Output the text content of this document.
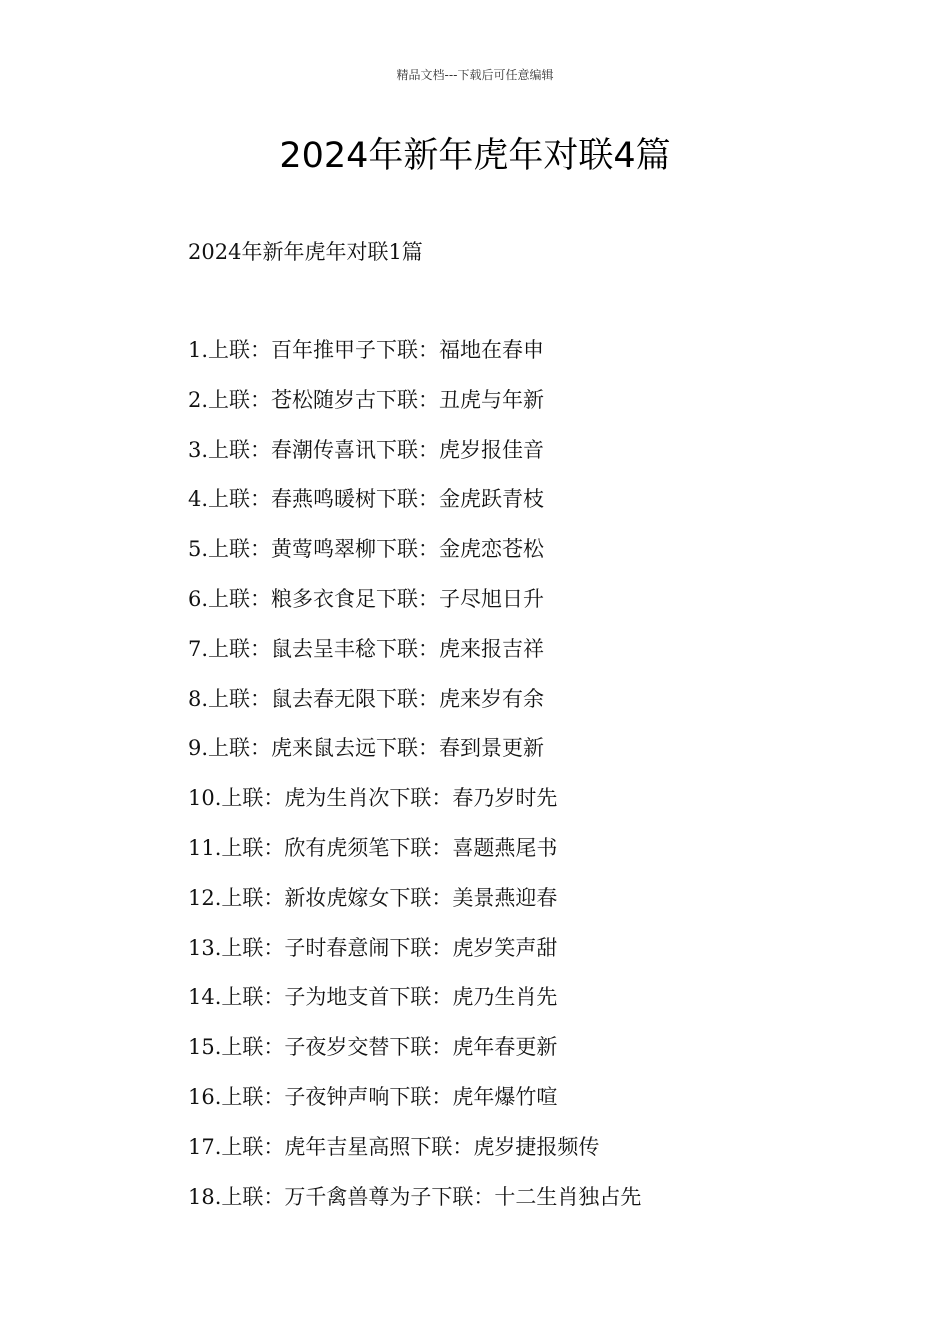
精品文档---下载后可任意编辑
2024年新年虎年对联4篇
2024年新年虎年对联1篇
1.上联：百年推甲子下联：福地在春申
2.上联：苍松随岁古下联：丑虎与年新
3.上联：春潮传喜讯下联：虎岁报佳音
4.上联：春燕鸣暖树下联：金虎跃青枝
5.上联：黄莺鸣翠柳下联：金虎恋苍松
6.上联：粮多衣食足下联：子尽旭日升
7.上联：鼠去呈丰稔下联：虎来报吉祥
8.上联：鼠去春无限下联：虎来岁有余
9.上联：虎来鼠去远下联：春到景更新
10.上联：虎为生肖次下联：春乃岁时先
11.上联：欣有虎须笔下联：喜题燕尾书
12.上联：新妆虎嫁女下联：美景燕迎春
13.上联：子时春意闹下联：虎岁笑声甜
14.上联：子为地支首下联：虎乃生肖先
15.上联：子夜岁交替下联：虎年春更新
16.上联：子夜钟声响下联：虎年爆竹喧
17.上联：虎年吉星高照下联：虎岁捷报频传
18.上联：万千禽兽尊为子下联：十二生肖独占先
